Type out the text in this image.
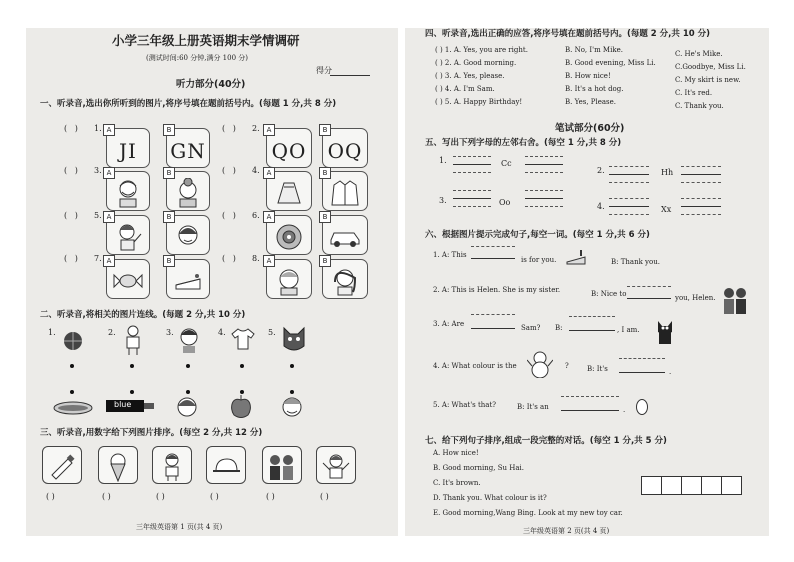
小学三年级上册英语期末学情调研
(测试时间:60 分钟,满分 100 分)
得分
听力部分(40分)
一、听录音,选出你所听到的图片,将序号填在题前括号内。(每题 1 分,共 8 分)
(   ) 1. A
JI
B
GN
(   ) 2. A
QO
B
OQ
(   ) 3. A	B	(   ) 4. A	B
(   ) 5. A	B	(   ) 6. A	B
(   ) 7. A	B	(   ) 8. A	B
二、听录音,将相关的图片连线。(每题 2 分,共 10 分)
1.	2.	3.	4.	5.
blue
三、听录音,用数字给下列图片排序。(每空 2 分,共 12 分)
( )	( )	( )	( )	( )	( )
三年级英语第 1 页(共 4 页)
四、听录音,选出正确的应答,将序号填在题前括号内。(每题 2 分,共 10 分)
( ) 1. A. Yes, you are right.	B. No, I'm Mike.	C. He's Mike.
( ) 2. A. Good morning.	B. Good evening, Miss Li.	C.Goodbye, Miss Li.
( ) 3. A. Yes, please.	B. How nice!	C. My skirt is new.
( ) 4. A. I'm Sam.	B. It's a hot dog.	C. It's red.
( ) 5. A. Happy Birthday!	B. Yes, Please.	C. Thank you.
笔试部分(60分)
五、写出下列字母的左邻右舍。(每空 1 分,共 8 分)
1.	Cc
2.	Hh
3.	Oo	4.	Xx
六、根据图片提示完成句子,每空一词。(每空 1 分,共 6 分)
1. A: This
is for you.	B: Thank you.
2. A: This is Helen. She is my sister.	B: Nice to	you, Helen.
3. A: Are	Sam? B:	, I am.
4. A: What colour is the	?	B: It's	.
5. A: What's that?	B: It's an	.
七、给下列句子排序,组成一段完整的对话。(每空 1 分,共 5 分)
A. How nice!
B. Good morning, Su Hai.
C. It's brown.
D. Thank you. What colour is it?
E. Good morning,Wang Bing. Look at my new toy car.
三年级英语第 2 页(共 4 页)
